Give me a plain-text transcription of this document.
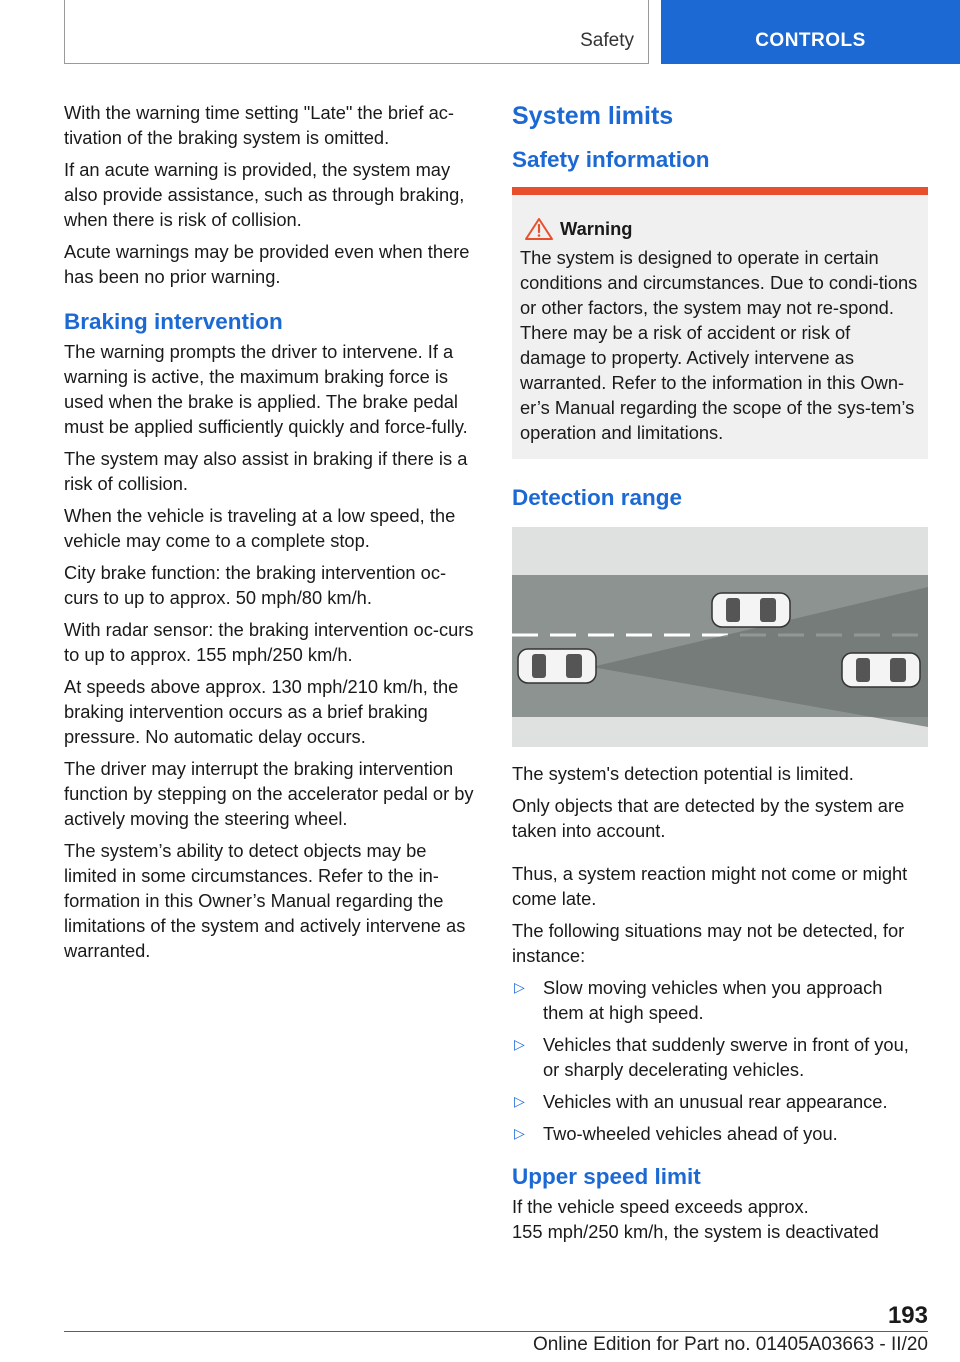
Safety	CONTROLS

With the warning time setting "Late" the brief ac‐tivation of the braking system is omitted.

If an acute warning is provided, the system may also provide assistance, such as through braking, when there is risk of collision.

Acute warnings may be provided even when there has been no prior warning.

Braking intervention

The warning prompts the driver to intervene. If a warning is active, the maximum braking force is used when the brake is applied. The brake pedal must be applied sufficiently quickly and force‐fully.

The system may also assist in braking if there is a risk of collision.

When the vehicle is traveling at a low speed, the vehicle may come to a complete stop.

City brake function: the braking intervention oc‐curs to up to approx. 50 mph/80 km/h.

With radar sensor: the braking intervention oc‐curs to up to approx. 155 mph/250 km/h.

At speeds above approx. 130 mph/210 km/h, the braking intervention occurs as a brief braking pressure. No automatic delay occurs.

The driver may interrupt the braking intervention function by stepping on the accelerator pedal or by actively moving the steering wheel.

The system’s ability to detect objects may be limited in some circumstances. Refer to the in‐formation in this Owner’s Manual regarding the limitations of the system and actively intervene as warranted.

System limits
Safety information
Warning

The system is designed to operate in certain conditions and circumstances. Due to condi‐tions or other factors, the system may not re‐spond. There may be a risk of accident or risk of damage to property. Actively intervene as warranted. Refer to the information in this Own‐er’s Manual regarding the scope of the sys‐tem’s operation and limitations.

Detection range

The system's detection potential is limited.

Only objects that are detected by the system are taken into account.

Thus, a system reaction might not come or might come late.

The following situations may not be detected, for instance:

▷ Slow moving vehicles when you approach them at high speed.
▷ Vehicles that suddenly swerve in front of you, or sharply decelerating vehicles.
▷ Vehicles with an unusual rear appearance.
▷ Two-wheeled vehicles ahead of you.
Upper speed limit

If the vehicle speed exceeds approx.
155 mph/250 km/h, the system is deactivated

193
Online Edition for Part no. 01405A03663 - II/20
